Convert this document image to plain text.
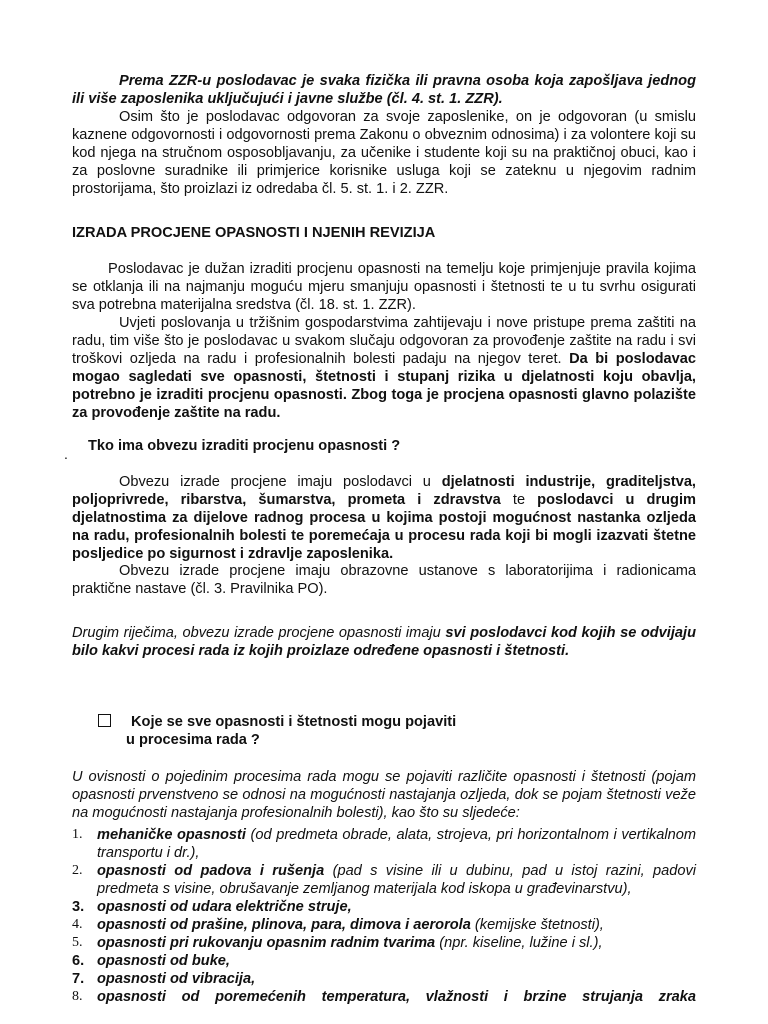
Prema ZZR-u poslodavac je svaka fizička ili pravna osoba koja zapošljava jednog ili više zaposlenika uključujući i javne službe (čl. 4. st. 1. ZZR).

Osim što je poslodavac odgovoran za svoje zaposlenike, on je odgovoran (u smislu kaznene odgovornosti i odgovornosti prema Zakonu o obveznim odnosima) i za volontere koji su kod njega na stručnom osposobljavanju, za učenike i studente koji su na praktičnoj obuci, kao i za poslovne suradnike ili primjerice korisnike usluga koji se zateknu u njegovim radnim prostorijama, što proizlazi iz odredaba čl. 5. st. 1. i 2. ZZR.

IZRADA PROCJENE OPASNOSTI I NJENIH REVIZIJA

Poslodavac je dužan izraditi procjenu opasnosti na temelju koje primjenjuje pravila kojima se otklanja ili na najmanju moguću mjeru smanjuju opasnosti i štetnosti te u tu svrhu osigurati sva potrebna materijalna sredstva (čl. 18. st. 1. ZZR).

Uvjeti poslovanja u tržišnim gospodarstvima zahtijevaju i nove pristupe prema zaštiti na radu, tim više što je poslodavac u svakom slučaju odgovoran za provođenje zaštite na radu i svi troškovi ozljeda na radu i profesionalnih bolesti padaju na njegov teret. Da bi poslodavac mogao sagledati sve opasnosti, štetnosti i stupanj rizika u djelatnosti koju obavlja, potrebno je izraditi procjenu opasnosti. Zbog toga je procjena opasnosti glavno polazište za provođenje zaštite na radu.

. Tko ima obvezu izraditi procjenu opasnosti ?

Obvezu izrade procjene imaju poslodavci u djelatnosti industrije, graditeljstva, poljoprivrede, ribarstva, šumarstva, prometa i zdravstva te poslodavci u drugim djelatnostima za dijelove radnog procesa u kojima postoji mogućnost nastanka ozljeda na radu, profesionalnih bolesti te poremećaja u procesu rada koji bi mogli izazvati štetne posljedice po sigurnost i zdravlje zaposlenika.

Obvezu izrade procjene imaju obrazovne ustanove s laboratorijima i radionicama praktične nastave (čl. 3. Pravilnika PO).

Drugim riječima, obvezu izrade procjene opasnosti imaju svi poslodavci kod kojih se odvijaju bilo kakvi procesi rada iz kojih proizlaze određene opasnosti i štetnosti.

Koje se sve opasnosti i štetnosti mogu pojaviti
u procesima rada ?

U ovisnosti o pojedinim procesima rada mogu se pojaviti različite opasnosti i štetnosti (pojam opasnosti prvenstveno se odnosi na mogućnosti nastajanja ozljeda, dok se pojam štetnosti veže na mogućnosti nastajanja profesionalnih bolesti), kao što su sljedeće:

1. mehaničke opasnosti (od predmeta obrade, alata, strojeva, pri horizontalnom i vertikalnom transportu i dr.),
2. opasnosti od padova i rušenja (pad s visine ili u dubinu, pad u istoj razini, padovi predmeta s visine, obrušavanje zemljanog materijala kod iskopa u građevinarstvu),
3. opasnosti od udara električne struje,
4. opasnosti od prašine, plinova, para, dimova i aerorola (kemijske štetnosti),
5. opasnosti pri rukovanju opasnim radnim tvarima (npr. kiseline, lužine i sl.),
6. opasnosti od buke,
7. opasnosti od vibracija,
8. opasnosti od poremećenih temperatura, vlažnosti i brzine strujanja zraka
